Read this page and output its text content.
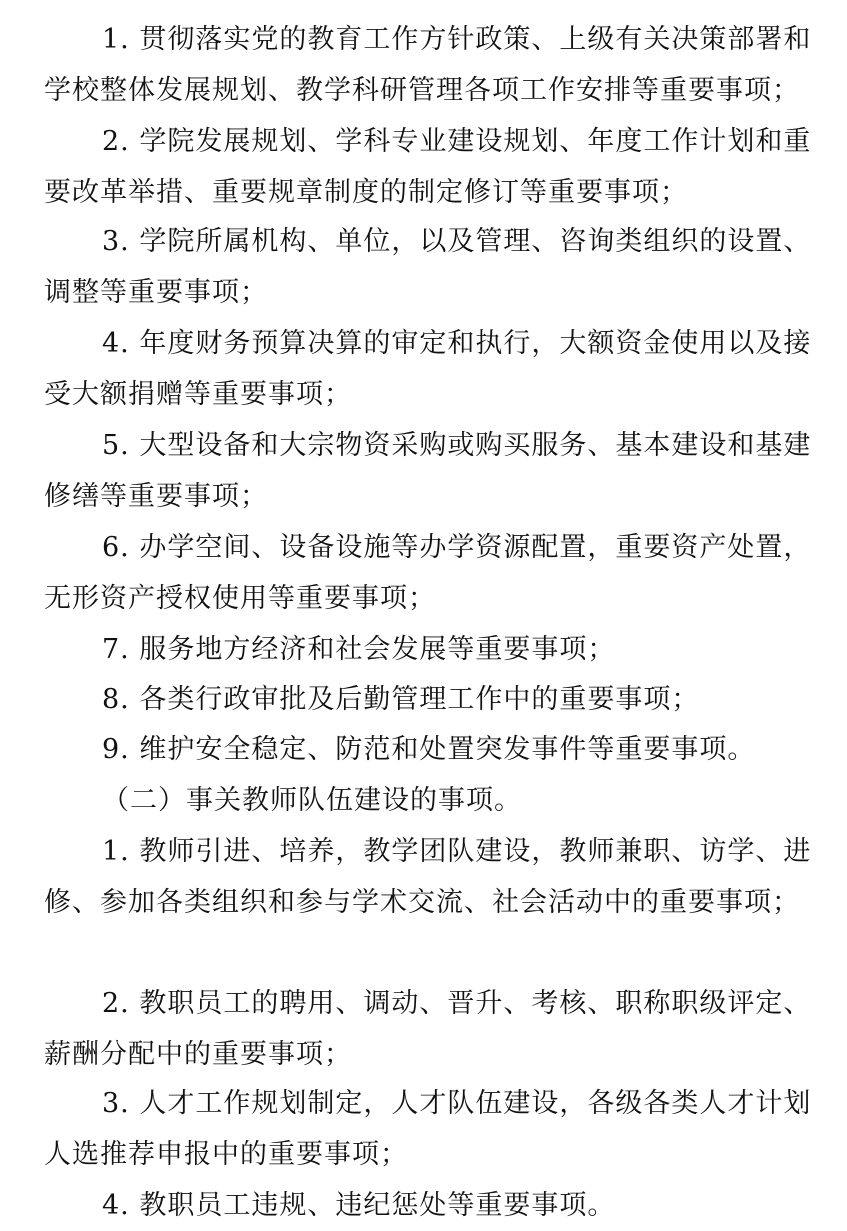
1. 贯彻落实党的教育工作方针政策、上级有关决策部署和学校整体发展规划、教学科研管理各项工作安排等重要事项；

2. 学院发展规划、学科专业建设规划、年度工作计划和重要改革举措、重要规章制度的制定修订等重要事项；

3. 学院所属机构、单位，以及管理、咨询类组织的设置、调整等重要事项；

4. 年度财务预算决算的审定和执行，大额资金使用以及接受大额捐赠等重要事项；

5. 大型设备和大宗物资采购或购买服务、基本建设和基建修缮等重要事项；

6. 办学空间、设备设施等办学资源配置，重要资产处置，无形资产授权使用等重要事项；

7. 服务地方经济和社会发展等重要事项；

8. 各类行政审批及后勤管理工作中的重要事项；

9. 维护安全稳定、防范和处置突发事件等重要事项。

（二）事关教师队伍建设的事项。

1. 教师引进、培养，教学团队建设，教师兼职、访学、进修、参加各类组织和参与学术交流、社会活动中的重要事项；

2. 教职员工的聘用、调动、晋升、考核、职称职级评定、薪酬分配中的重要事项；

3. 人才工作规划制定，人才队伍建设，各级各类人才计划人选推荐申报中的重要事项；

4. 教职员工违规、违纪惩处等重要事项。
